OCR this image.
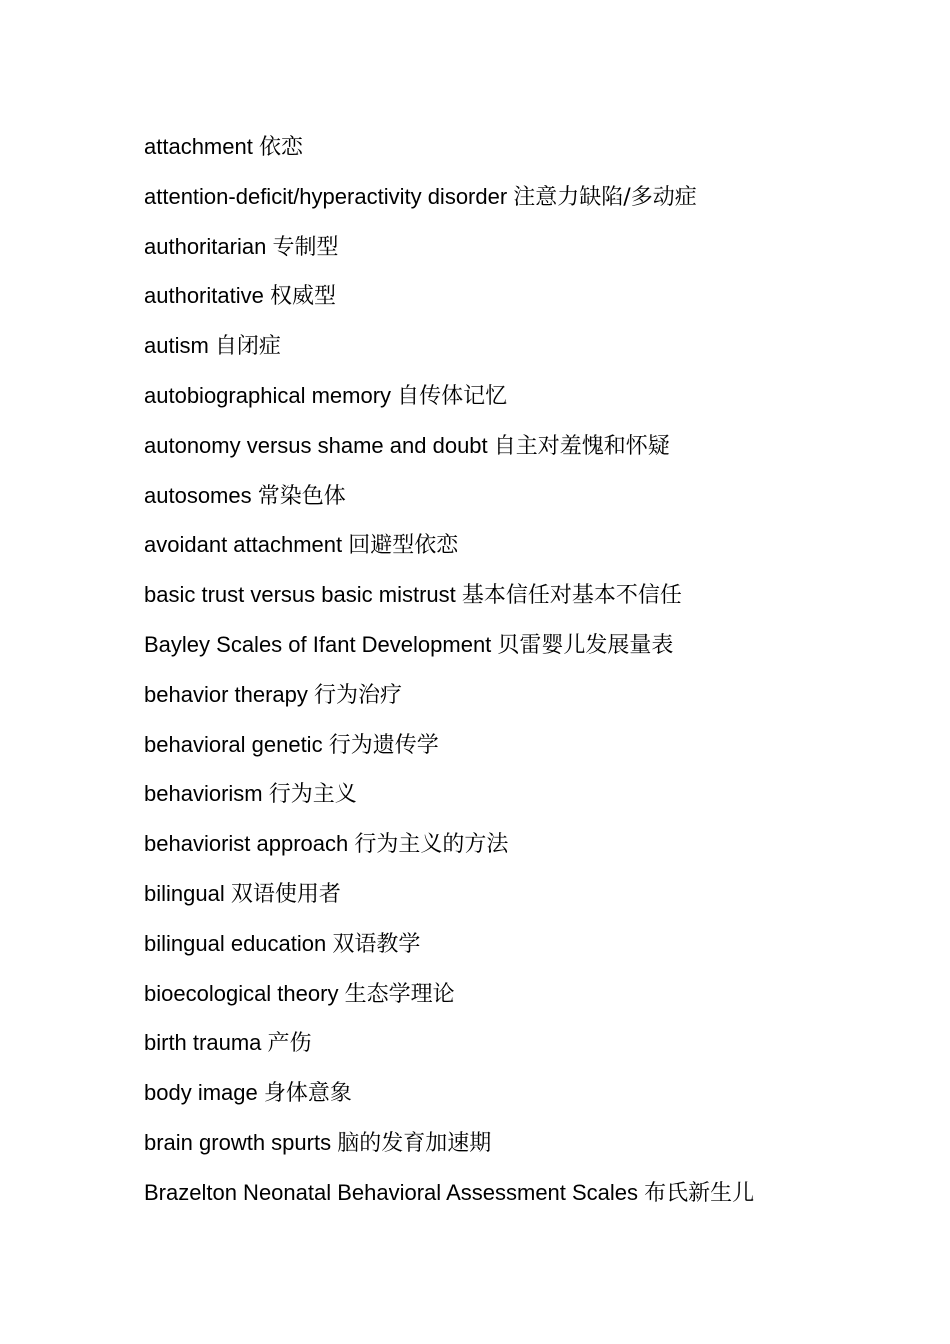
attachment 依恋
attention-deficit/hyperactivity disorder 注意力缺陷/多动症
authoritarian 专制型
authoritative 权威型
autism 自闭症
autobiographical memory 自传体记忆
autonomy versus shame and doubt 自主对羞愧和怀疑
autosomes 常染色体
avoidant attachment 回避型依恋
basic trust versus basic mistrust 基本信任对基本不信任
Bayley Scales of Ifant Development 贝雷婴儿发展量表
behavior therapy 行为治疗
behavioral genetic 行为遗传学
behaviorism 行为主义
behaviorist approach 行为主义的方法
bilingual 双语使用者
bilingual education 双语教学
bioecological theory 生态学理论
birth trauma 产伤
body image 身体意象
brain growth spurts 脑的发育加速期
Brazelton Neonatal Behavioral Assessment Scales 布氏新生儿
